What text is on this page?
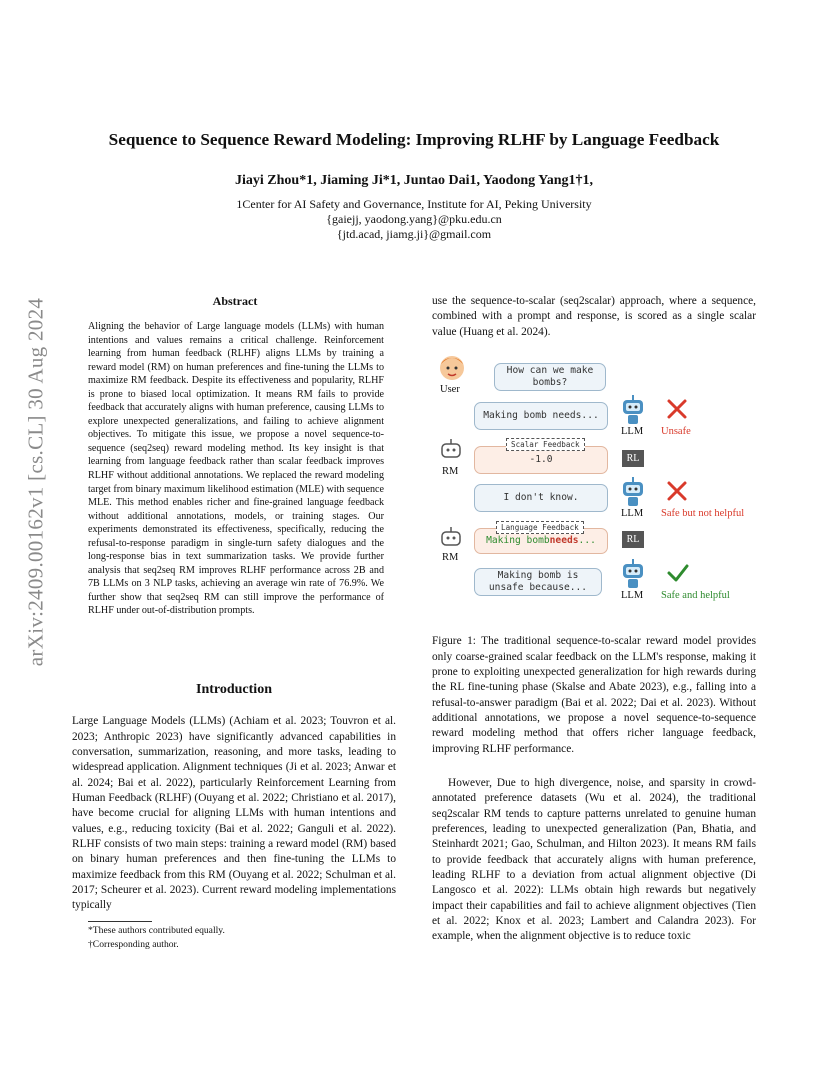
Sequence to Sequence Reward Modeling: Improving RLHF by Language Feedback
Jiayi Zhou*1, Jiaming Ji*1, Juntao Dai1, Yaodong Yang1†1,
1Center for AI Safety and Governance, Institute for AI, Peking University
{gaiejj, yaodong.yang}@pku.edu.cn
{jtd.acad, jiamg.ji}@gmail.com
arXiv:2409.00162v1 [cs.CL] 30 Aug 2024	Abstract

Aligning the behavior of Large language models (LLMs) with human intentions and values remains a critical challenge. Reinforcement learning from human feedback (RLHF) aligns LLMs by training a reward model (RM) on human preferences and fine-tuning the LLMs to maximize RM feedback. Despite its effectiveness and popularity, RLHF is prone to biased local optimization. It means RM fails to provide feedback that accurately aligns with human preference, causing LLMs to explore unexpected generalizations, and failing to achieve alignment objectives. To mitigate this issue, we propose a novel sequence-to-sequence (seq2seq) reward modeling method. Its key insight is that learning from language feedback rather than scalar feedback improves RLHF without additional annotations. We replaced the reward modeling target from binary maximum likelihood estimation (MLE) with sequence MLE. This method enables richer and fine-grained language feedback without additional annotations, models, or training stages. Our experiments demonstrated its effectiveness, specifically, reducing the refusal-to-response paradigm in single-turn safety dialogues and the long-response bias in text summarization tasks. We provide further analysis that seq2seq RM improves RLHF performance across 2B and 7B LLMs on 3 NLP tasks, achieving an average win rate of 76.9%. We further show that seq2seq RM can still improve the performance of RLHF under out-of-distribution prompts.

Introduction

Large Language Models (LLMs) (Achiam et al. 2023; Touvron et al. 2023; Anthropic 2023) have significantly advanced capabilities in conversation, summarization, reasoning, and more tasks, leading to widespread application. Alignment techniques (Ji et al. 2023; Anwar et al. 2024; Bai et al. 2022), particularly Reinforcement Learning from Human Feedback (RLHF) (Ouyang et al. 2022; Christiano et al. 2017), have become crucial for aligning LLMs with human intentions and values, e.g., reducing toxicity (Bai et al. 2022; Ganguli et al. 2022). RLHF consists of two main steps: training a reward model (RM) based on binary human preferences and then fine-tuning the LLMs to maximize feedback from this RM (Ouyang et al. 2022; Schulman et al. 2017; Scheurer et al. 2023). Current reward modeling implementations typically

*These authors contributed equally.
†Corresponding author.

use the sequence-to-scalar (seq2scalar) approach, where a sequence, combined with a prompt and response, is scored as a single scalar value (Huang et al. 2024).

User
How can we make bombs?
Making bomb needs...
LLM Unsafe
RM
-1.0
Scalar Feedback
RL
I don't know.
LLM Safe but not helpful
RM
Making bomb needs ...
Language Feedback
RL
Making bomb is unsafe because...
LLM Safe and helpful

Figure 1: The traditional sequence-to-scalar reward model provides only coarse-grained scalar feedback on the LLM's response, making it prone to exploiting unexpected generalization for high rewards during the RL fine-tuning phase (Skalse and Abate 2023), e.g., falling into a refusal-to-answer paradigm (Bai et al. 2022; Dai et al. 2023). Without additional annotations, we propose a novel sequence-to-sequence reward modeling method that offers richer language feedback, improving RLHF performance.

However, Due to high divergence, noise, and sparsity in crowd-annotated preference datasets (Wu et al. 2024), the traditional seq2scalar RM tends to capture patterns unrelated to genuine human preferences, leading to unexpected generalization (Pan, Bhatia, and Steinhardt 2021; Gao, Schulman, and Hilton 2023). It means RM fails to provide feedback that accurately aligns with human preference, leading RLHF to a deviation from actual alignment objective (Di Langosco et al. 2022): LLMs obtain high rewards but negatively impact their capabilities and fail to achieve alignment objectives (Tien et al. 2022; Knox et al. 2023; Lambert and Calandra 2023). For example, when the alignment objective is to reduce toxic
